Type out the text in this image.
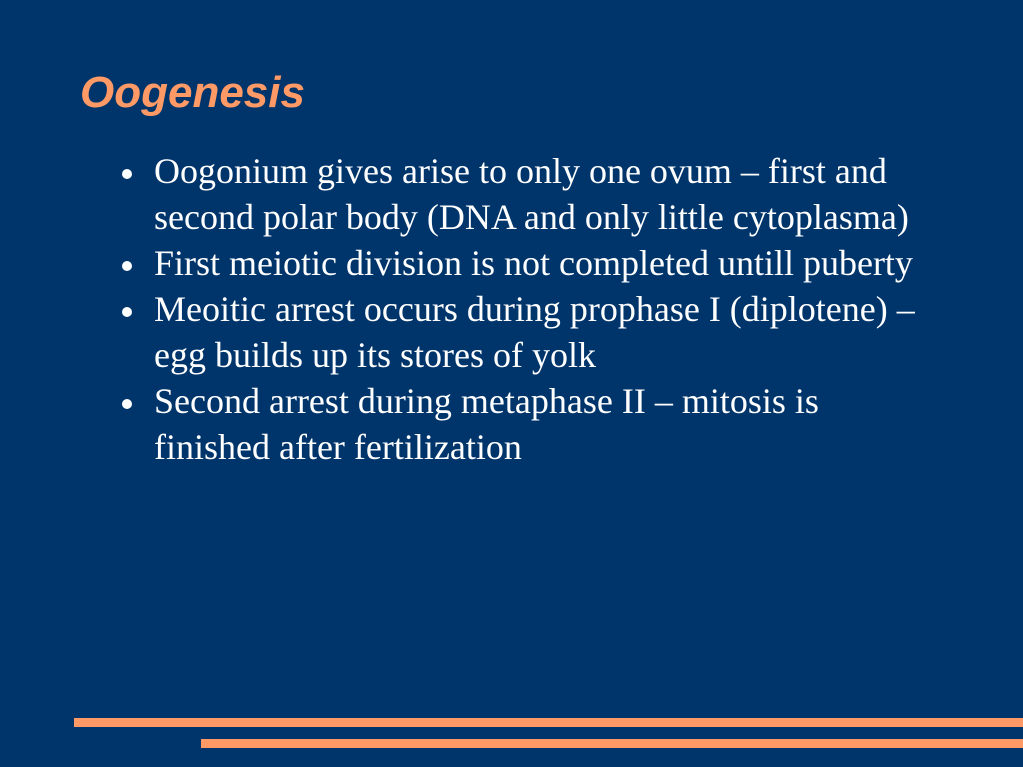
Oogenesis
Oogonium gives arise to only one ovum – first and second polar body (DNA and only little cytoplasma)
First meiotic division is not completed untill puberty
Meoitic arrest occurs during prophase I (diplotene) – egg builds up its stores of yolk
Second arrest during metaphase II – mitosis is finished after fertilization
